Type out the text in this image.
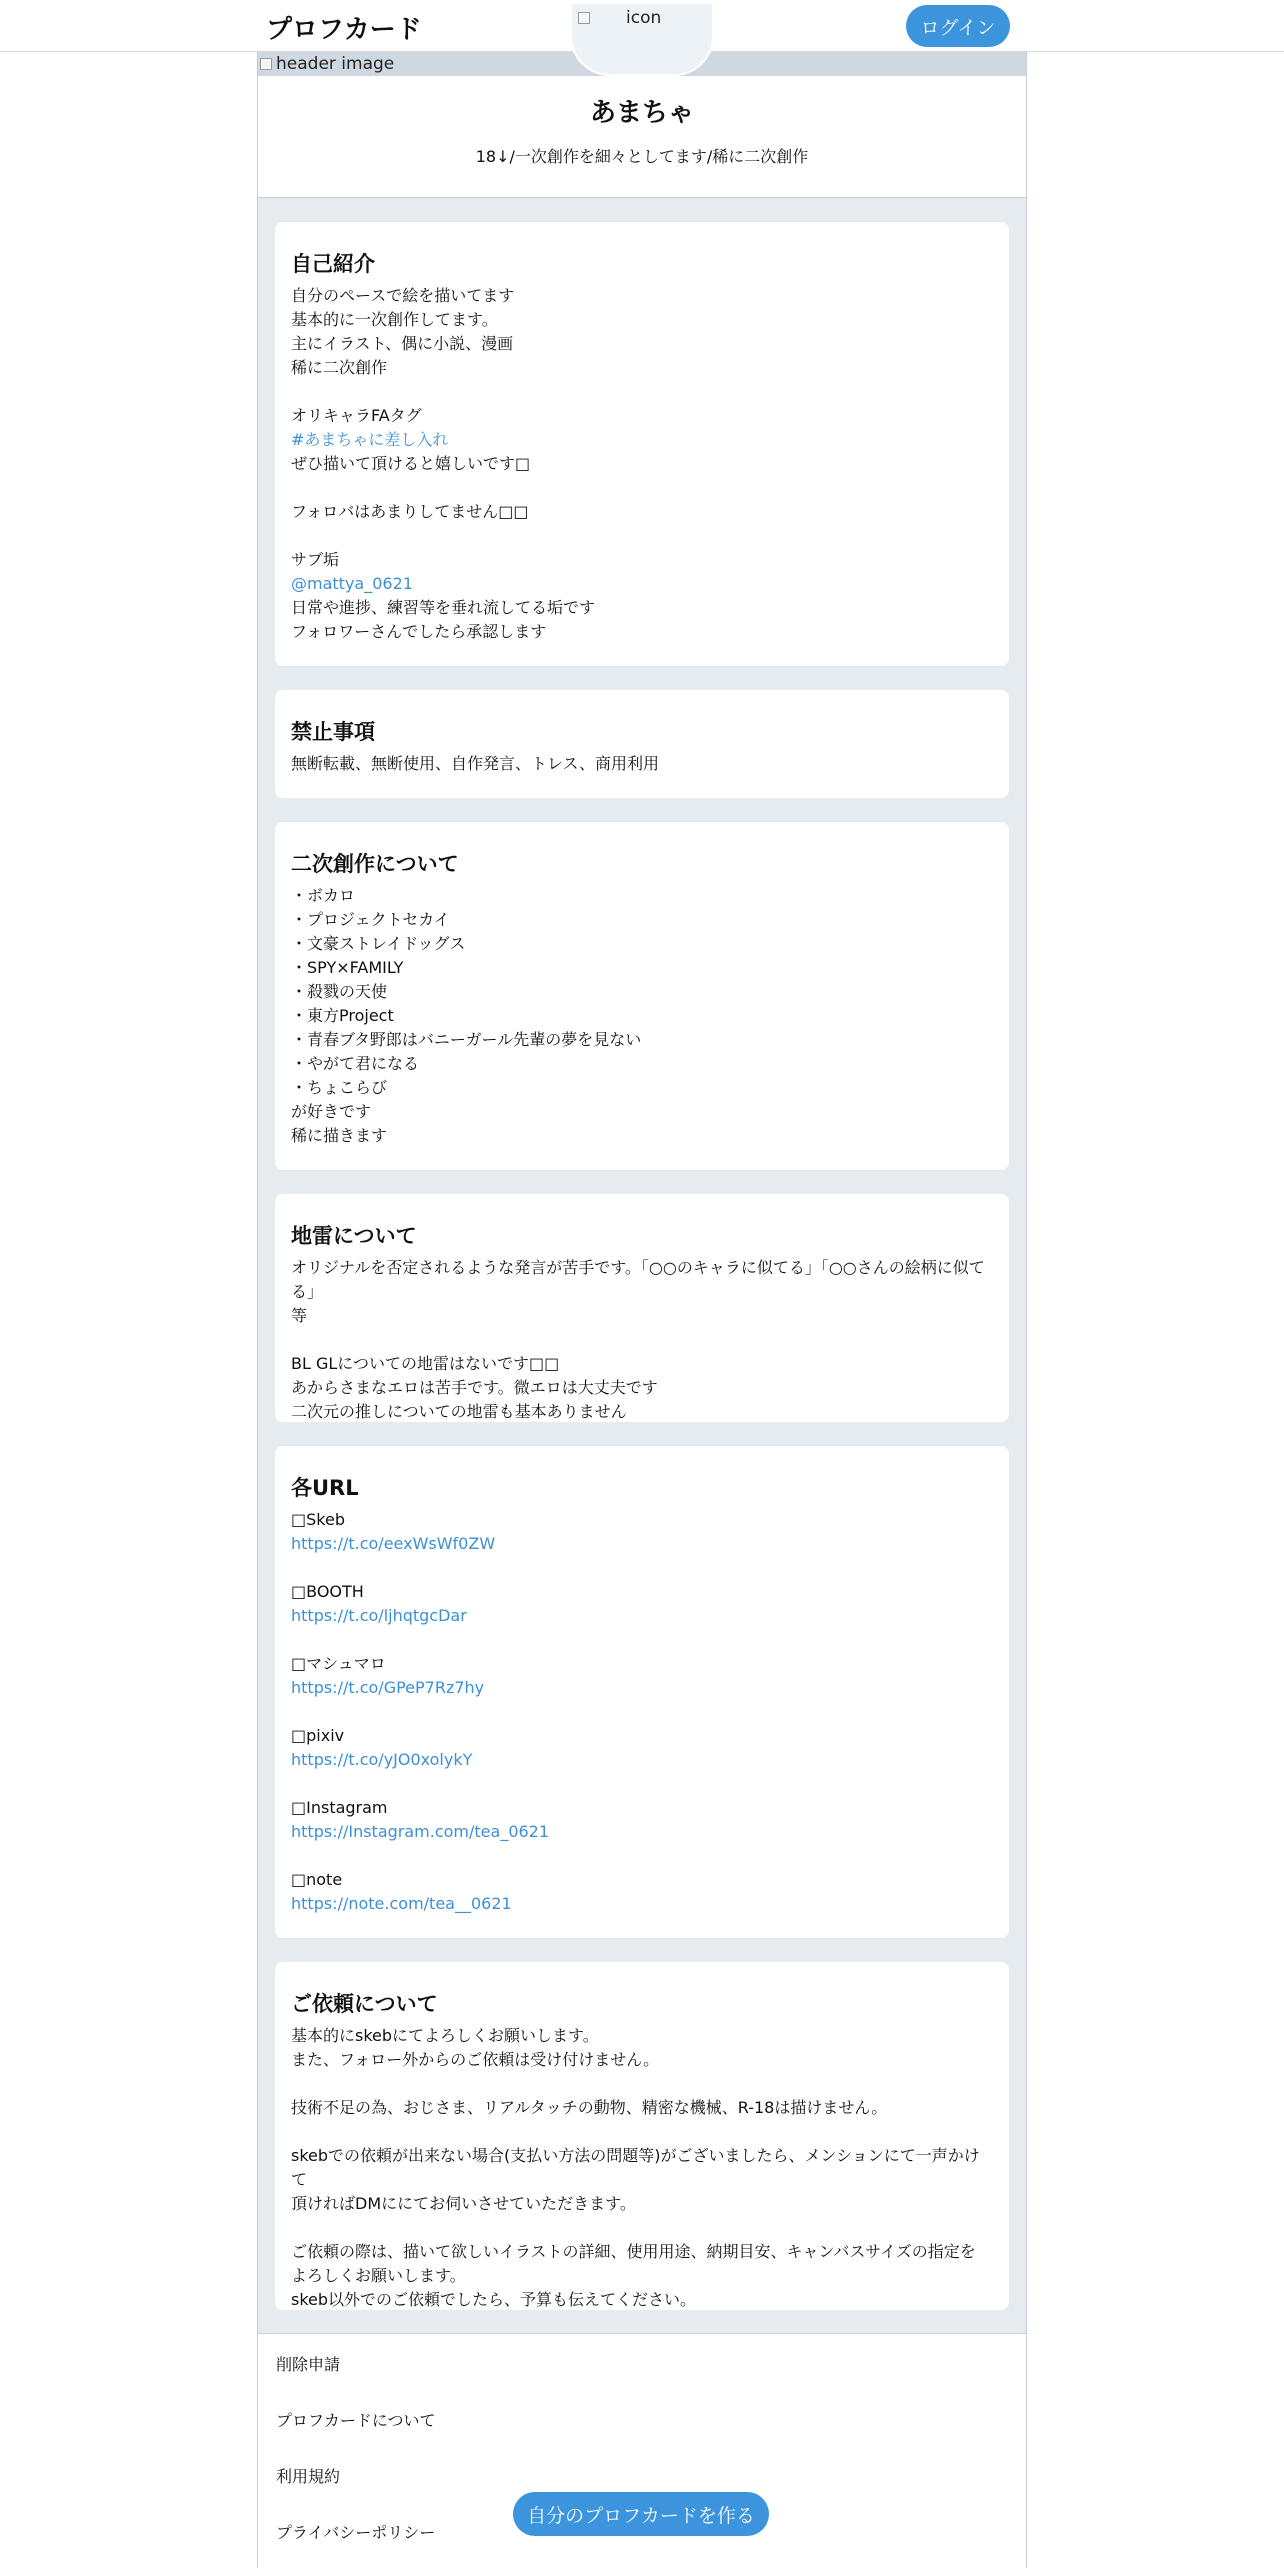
プロフカード	ログイン
icon
header image
あまちゃ
18↓/一次創作を細々としてます/稀に二次創作
自己紹介
自分のペースで絵を描いてます
基本的に一次創作してます。
主にイラスト、偶に小説、漫画
稀に二次創作
オリキャラFAタグ
#あまちゃに差し入れ
ぜひ描いて頂けると嬉しいです□
フォロバはあまりしてません□□
サブ垢
@mattya_0621
日常や進捗、練習等を垂れ流してる垢です
フォロワーさんでしたら承認します
禁止事項
無断転載、無断使用、自作発言、トレス、商用利用
二次創作について
・ボカロ
・プロジェクトセカイ
・文豪ストレイドッグス
・SPY×FAMILY
・殺戮の天使
・東方Project
・青春ブタ野郎はバニーガール先輩の夢を見ない
・やがて君になる
・ちょこらび
が好きです
稀に描きます
地雷について
オリジナルを否定されるような発言が苦手です。「○○のキャラに似てる」「○○さんの絵柄に似てる」
等
BL GLについての地雷はないです□□
あからさまなエロは苦手です。微エロは大丈夫です
二次元の推しについての地雷も基本ありません
各URL
□Skeb
https://t.co/eexWsWf0ZW
□BOOTH
https://t.co/ljhqtgcDar
□マシュマロ
https://t.co/GPeP7Rz7hy
□pixiv
https://t.co/yJO0xolykY
□Instagram
https://Instagram.com/tea_0621
□note
https://note.com/tea__0621
ご依頼について
基本的にskebにてよろしくお願いします。
また、フォロー外からのご依頼は受け付けません。
技術不足の為、おじさま、リアルタッチの動物、精密な機械、R-18は描けません。
skebでの依頼が出来ない場合(支払い方法の問題等)がございましたら、メンションにて一声かけて
頂ければDMににてお伺いさせていただきます。
ご依頼の際は、描いて欲しいイラストの詳細、使用用途、納期目安、キャンバスサイズの指定を
よろしくお願いします。
skeb以外でのご依頼でしたら、予算も伝えてください。
削除申請
プロフカードについて
利用規約
プライバシーポリシー
自分のプロフカードを作る
